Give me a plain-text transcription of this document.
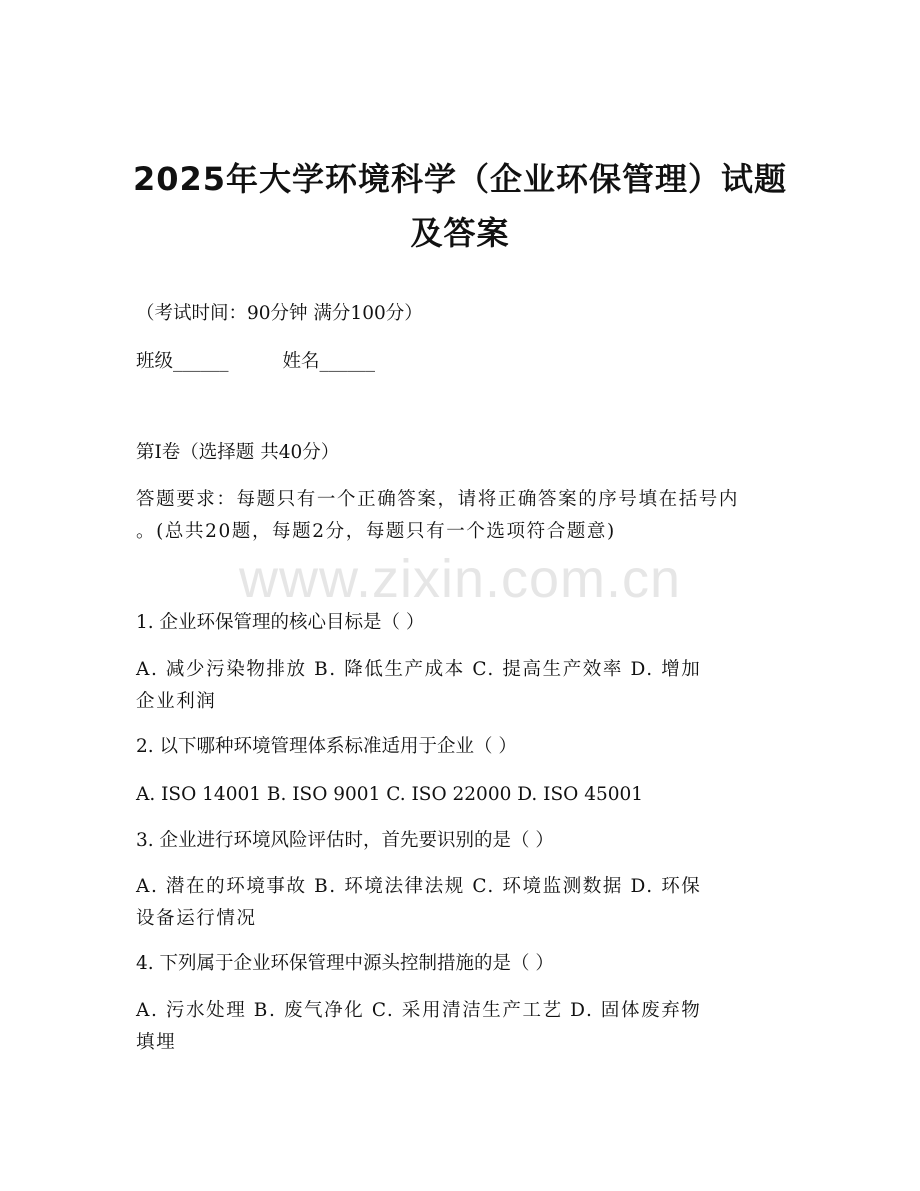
www.zixin.com.cn
2025年大学环境科学（企业环保管理）试题
及答案

（考试时间：90分钟 满分100分）

班级______	姓名______

第Ⅰ卷（选择题 共40分）

答题要求：每题只有一个正确答案，请将正确答案的序号填在括号内
。(总共20题，每题2分，每题只有一个选项符合题意)

1. 企业环保管理的核心目标是（ ）

A. 减少污染物排放 B. 降低生产成本 C. 提高生产效率 D. 增加
企业利润

2. 以下哪种环境管理体系标准适用于企业（ ）

A. ISO 14001 B. ISO 9001 C. ISO 22000 D. ISO 45001

3. 企业进行环境风险评估时，首先要识别的是（ ）

A. 潜在的环境事故 B. 环境法律法规 C. 环境监测数据 D. 环保
设备运行情况

4. 下列属于企业环保管理中源头控制措施的是（ ）

A. 污水处理 B. 废气净化 C. 采用清洁生产工艺 D. 固体废弃物
填埋
